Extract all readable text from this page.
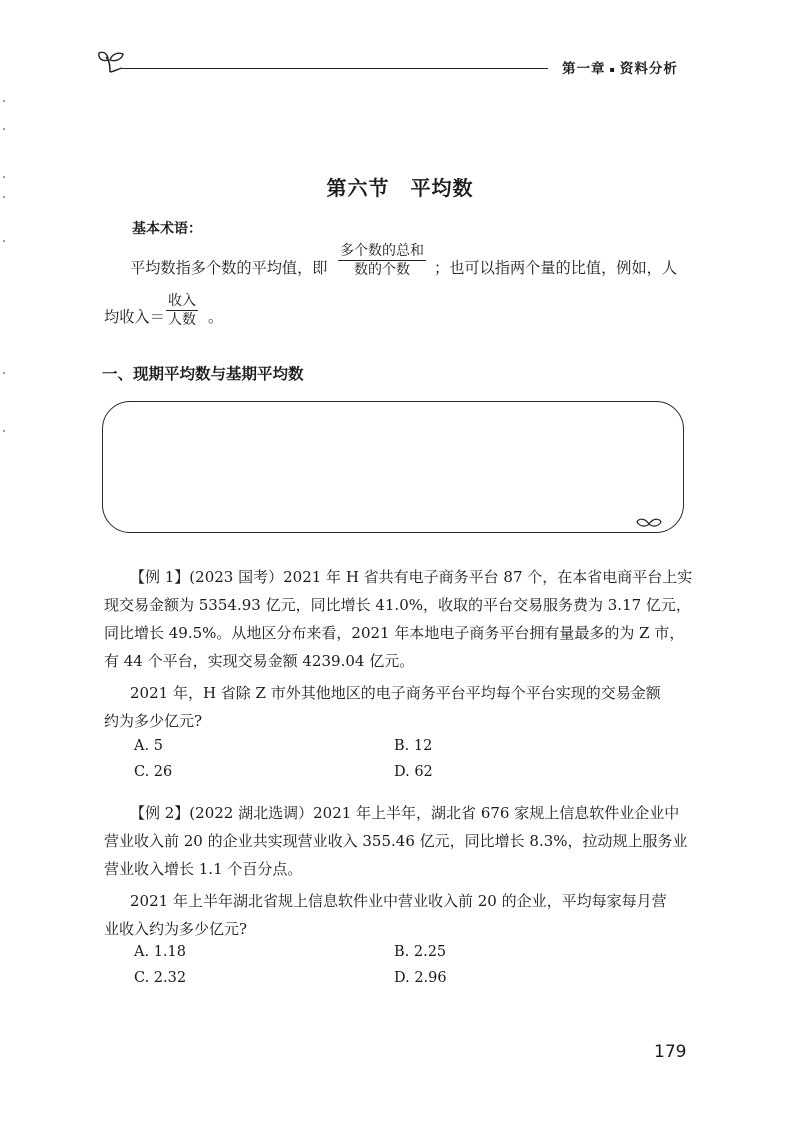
第一章 ▪ 资料分析
第六节　平均数
基本术语：
平均数指多个数的平均值，即
多个数的总和
数的个数	；也可以指两个量的比值，例如，人
均收入＝
收入
人数 。
一、现期平均数与基期平均数
【例 1】(2023 国考）2021 年 H 省共有电子商务平台 87 个，在本省电商平台上实
现交易金额为 5354.93 亿元，同比增长 41.0%，收取的平台交易服务费为 3.17 亿元，
同比增长 49.5%。从地区分布来看，2021 年本地电子商务平台拥有量最多的为 Z 市，
有 44 个平台，实现交易金额 4239.04 亿元。
2021 年，H 省除 Z 市外其他地区的电子商务平台平均每个平台实现的交易金额
约为多少亿元?
A. 5	B. 12
C. 26	D. 62
【例 2】(2022 湖北选调）2021 年上半年，湖北省 676 家规上信息软件业企业中
营业收入前 20 的企业共实现营业收入 355.46 亿元，同比增长 8.3%，拉动规上服务业
营业收入增长 1.1 个百分点。
2021 年上半年湖北省规上信息软件业中营业收入前 20 的企业，平均每家每月营
业收入约为多少亿元?
A. 1.18	B. 2.25
C. 2.32	D. 2.96
179
